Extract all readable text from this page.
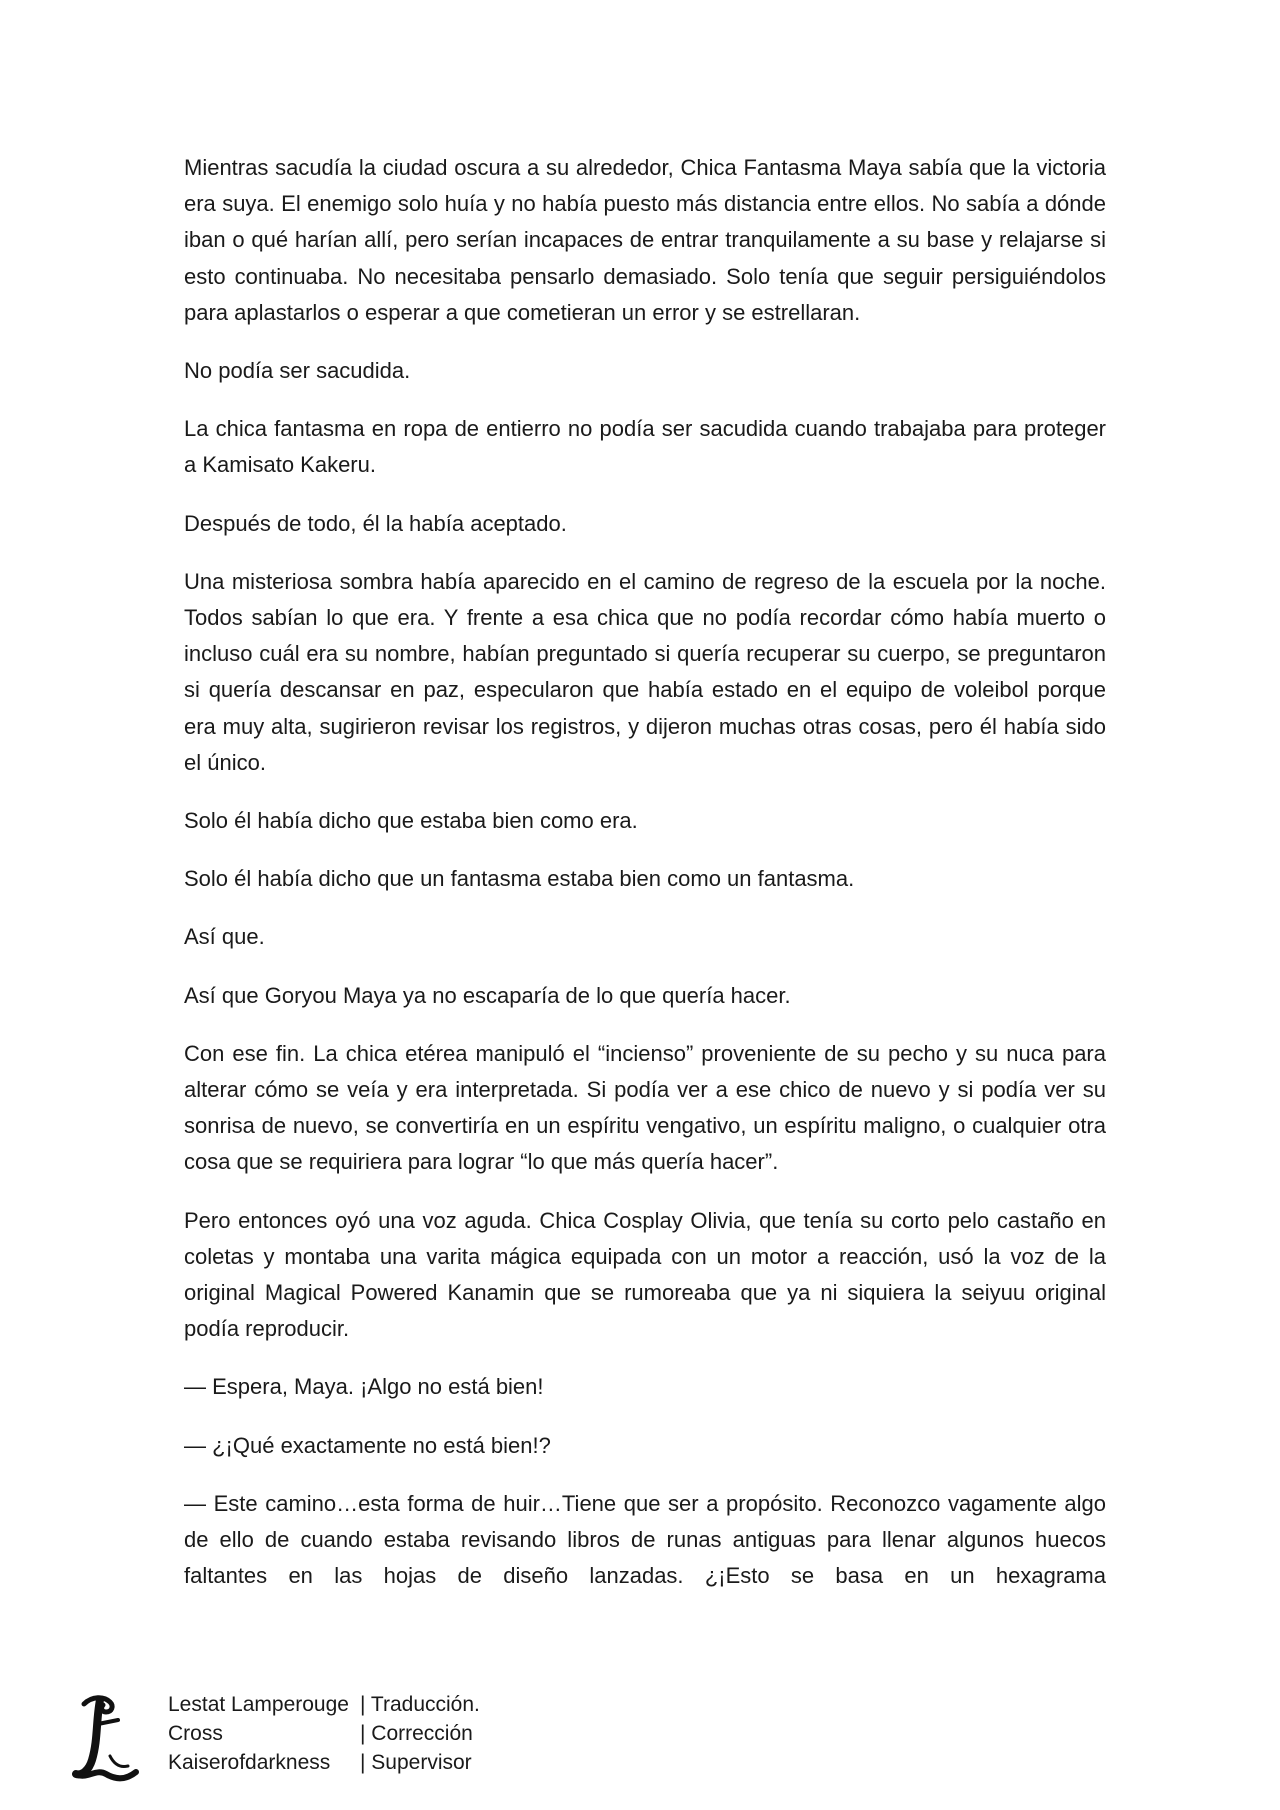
Mientras sacudía la ciudad oscura a su alrededor, Chica Fantasma Maya sabía que la victoria era suya. El enemigo solo huía y no había puesto más distancia entre ellos. No sabía a dónde iban o qué harían allí, pero serían incapaces de entrar tranquilamente a su base y relajarse si esto continuaba. No necesitaba pensarlo demasiado. Solo tenía que seguir persiguiéndolos para aplastarlos o esperar a que cometieran un error y se estrellaran.

No podía ser sacudida.

La chica fantasma en ropa de entierro no podía ser sacudida cuando trabajaba para proteger a Kamisato Kakeru.

Después de todo, él la había aceptado.

Una misteriosa sombra había aparecido en el camino de regreso de la escuela por la noche. Todos sabían lo que era. Y frente a esa chica que no podía recordar cómo había muerto o incluso cuál era su nombre, habían preguntado si quería recuperar su cuerpo, se preguntaron si quería descansar en paz, especularon que había estado en el equipo de voleibol porque era muy alta, sugirieron revisar los registros, y dijeron muchas otras cosas, pero él había sido el único.

Solo él había dicho que estaba bien como era.

Solo él había dicho que un fantasma estaba bien como un fantasma.

Así que.

Así que Goryou Maya ya no escaparía de lo que quería hacer.

Con ese fin. La chica etérea manipuló el “incienso” proveniente de su pecho y su nuca para alterar cómo se veía y era interpretada. Si podía ver a ese chico de nuevo y si podía ver su sonrisa de nuevo, se convertiría en un espíritu vengativo, un espíritu maligno, o cualquier otra cosa que se requiriera para lograr “lo que más quería hacer”.

Pero entonces oyó una voz aguda. Chica Cosplay Olivia, que tenía su corto pelo castaño en coletas y montaba una varita mágica equipada con un motor a reacción, usó la voz de la original Magical Powered Kanamin que se rumoreaba que ya ni siquiera la seiyuu original podía reproducir.

— Espera, Maya. ¡Algo no está bien!

— ¿¡Qué exactamente no está bien!?

— Este camino…esta forma de huir…Tiene que ser a propósito. Reconozco vagamente algo de ello de cuando estaba revisando libros de runas antiguas para llenar algunos huecos faltantes en las hojas de diseño lanzadas. ¿¡Esto se basa en un hexagrama

Lestat Lamperouge	| Traducción.
Cross	| Corrección
Kaiserofdarkness	| Supervisor
